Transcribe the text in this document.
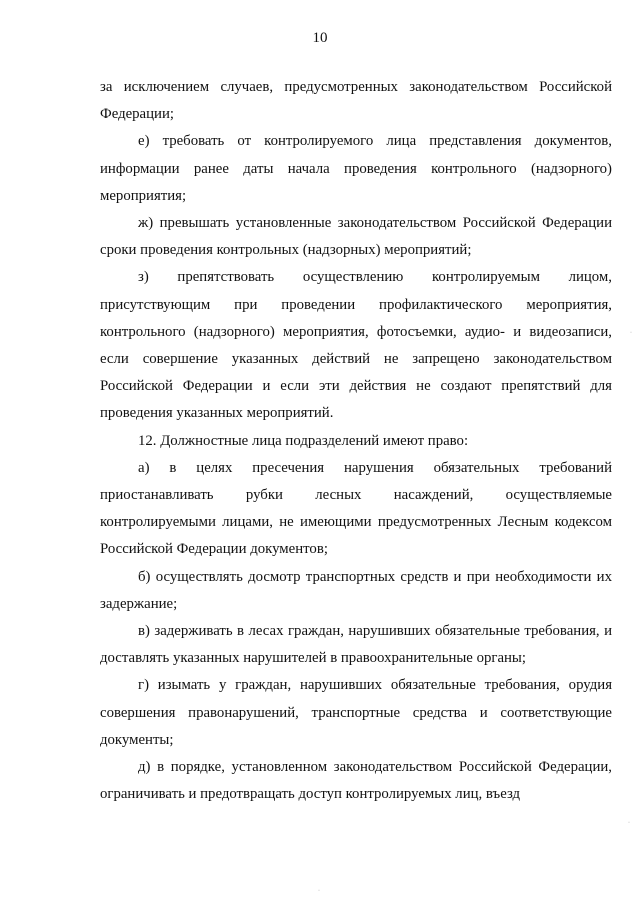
10

за исключением случаев, предусмотренных законодательством Российской Федерации;

е) требовать от контролируемого лица представления документов, информации ранее даты начала проведения контрольного (надзорного) мероприятия;

ж) превышать установленные законодательством Российской Федерации сроки проведения контрольных (надзорных) мероприятий;

з) препятствовать осуществлению контролируемым лицом, присутствующим при проведении профилактического мероприятия, контрольного (надзорного) мероприятия, фотосъемки, аудио- и видеозаписи, если совершение указанных действий не запрещено законодательством Российской Федерации и если эти действия не создают препятствий для проведения указанных мероприятий.

12. Должностные лица подразделений имеют право:

а) в целях пресечения нарушения обязательных требований приостанавливать рубки лесных насаждений, осуществляемые контролируемыми лицами, не имеющими предусмотренных Лесным кодексом Российской Федерации документов;

б) осуществлять досмотр транспортных средств и при необходимости их задержание;

в) задерживать в лесах граждан, нарушивших обязательные требования, и доставлять указанных нарушителей в правоохранительные органы;

г) изымать у граждан, нарушивших обязательные требования, орудия совершения правонарушений, транспортные средства и соответствующие документы;

д) в порядке, установленном законодательством Российской Федерации, ограничивать и предотвращать доступ контролируемых лиц, въезд

·
·
·
